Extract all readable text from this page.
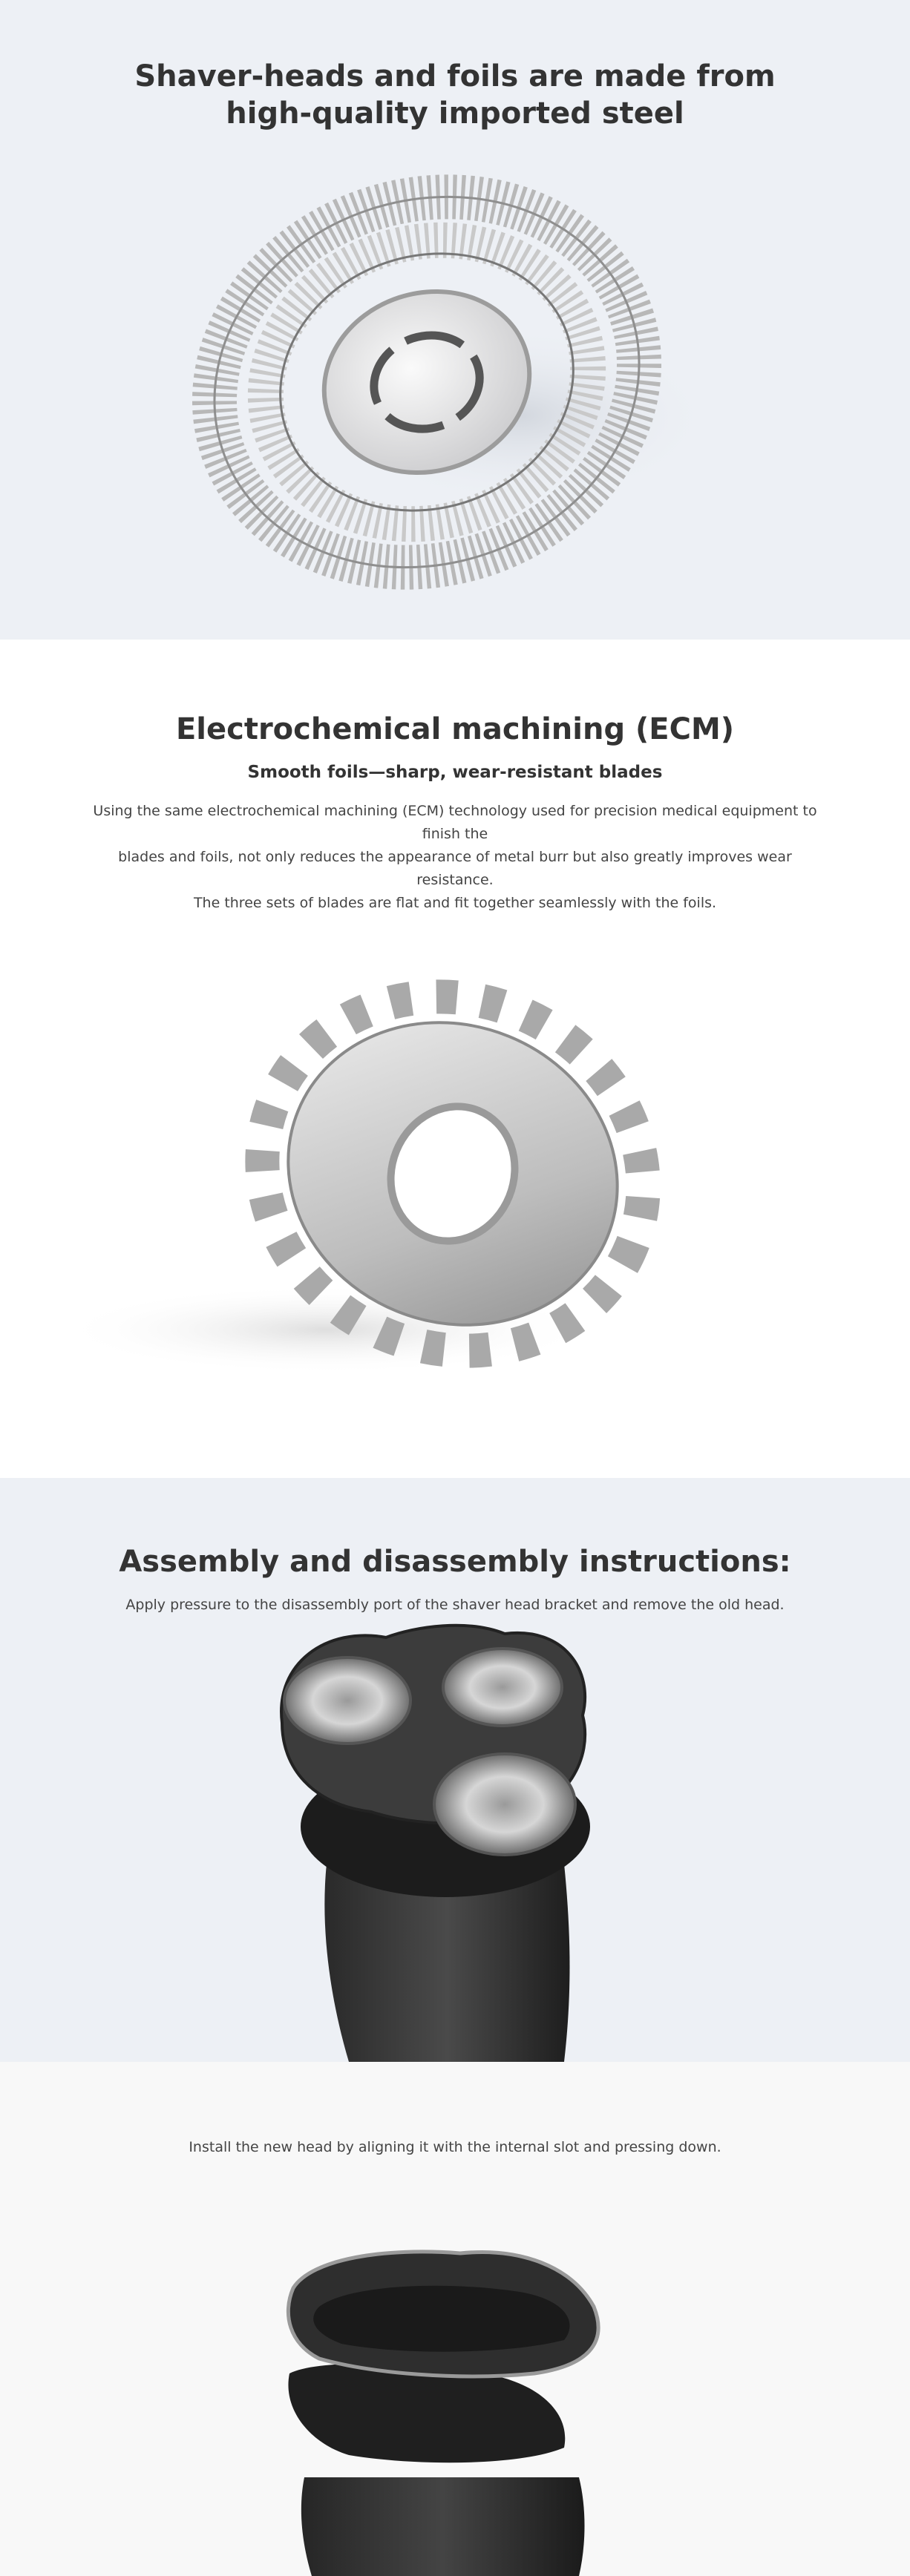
Shaver-heads and foils are made from
high-quality imported steel
Electrochemical machining (ECM)
Smooth foils—sharp, wear-resistant blades

Using the same electrochemical machining (ECM) technology used for precision medical equipment to finish the
blades and foils, not only reduces the appearance of metal burr but also greatly improves wear resistance.
The three sets of blades are flat and fit together seamlessly with the foils.

Assembly and disassembly instructions:

Apply pressure to the disassembly port of the shaver head bracket and remove the old head.

Install the new head by aligning it with the internal slot and pressing down.
